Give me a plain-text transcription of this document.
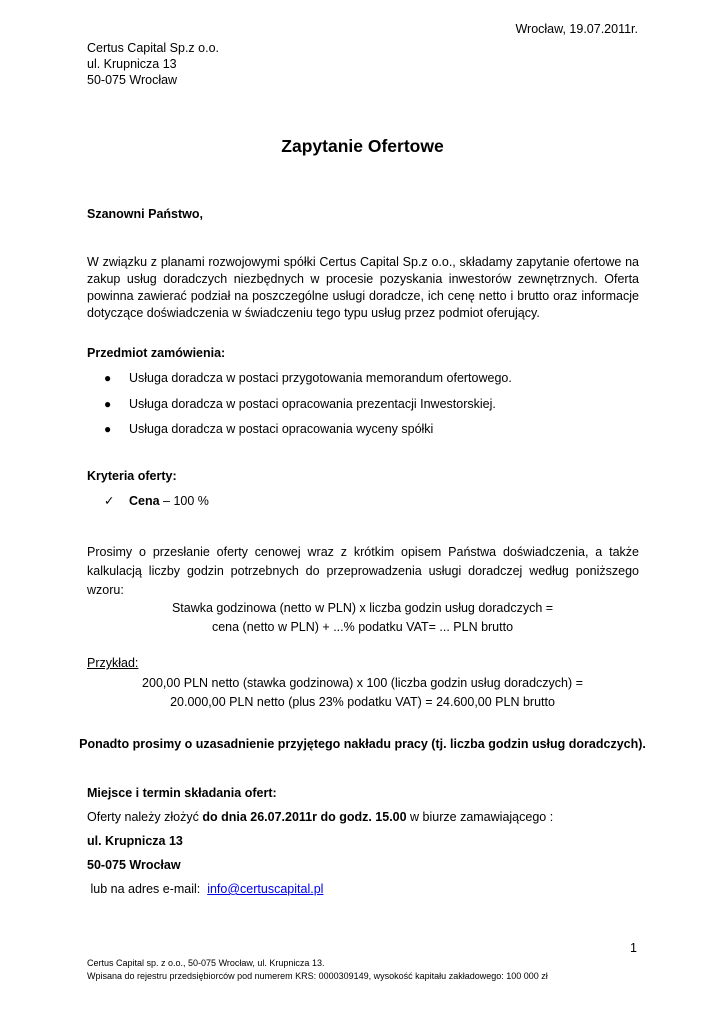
Wrocław, 19.07.2011r.
Certus Capital Sp.z o.o.
ul. Krupnicza 13
50-075 Wrocław
Zapytanie Ofertowe
Szanowni Państwo,
W związku z planami rozwojowymi spółki Certus Capital Sp.z o.o., składamy zapytanie ofertowe na zakup usług doradczych niezbędnych w procesie pozyskania inwestorów zewnętrznych. Oferta powinna zawierać podział na poszczególne usługi doradcze, ich cenę netto i brutto oraz informacje dotyczące doświadczenia w świadczeniu tego typu usług przez podmiot oferujący.
Przedmiot zamówienia:
● Usługa doradcza w postaci przygotowania memorandum ofertowego.
● Usługa doradcza w postaci opracowania prezentacji Inwestorskiej.
● Usługa doradcza w postaci opracowania wyceny spółki
Kryteria oferty:
✓ Cena – 100 %
Prosimy o przesłanie oferty cenowej wraz z krótkim opisem Państwa doświadczenia, a także kalkulacją liczby godzin potrzebnych do przeprowadzenia usługi doradczej według poniższego wzoru:
Stawka godzinowa (netto w PLN) x liczba godzin usług doradczych =
cena (netto w PLN) + ...% podatku VAT= ... PLN brutto
Przykład:
200,00 PLN netto (stawka godzinowa) x 100 (liczba godzin usług doradczych) =
20.000,00 PLN netto (plus 23% podatku VAT) = 24.600,00 PLN brutto
Ponadto prosimy o uzasadnienie przyjętego nakładu pracy (tj. liczba godzin usług doradczych).
Miejsce i termin składania ofert:
Oferty należy złożyć do dnia 26.07.2011r do godz. 15.00 w biurze zamawiającego :
ul. Krupnicza 13
50-075 Wrocław
lub na adres e-mail:  info@certuscapital.pl
1
Certus Capital sp. z o.o., 50-075 Wrocław, ul. Krupnicza 13.
Wpisana do rejestru przedsiębiorców pod numerem KRS: 0000309149, wysokość kapitału zakładowego: 100 000 zł
